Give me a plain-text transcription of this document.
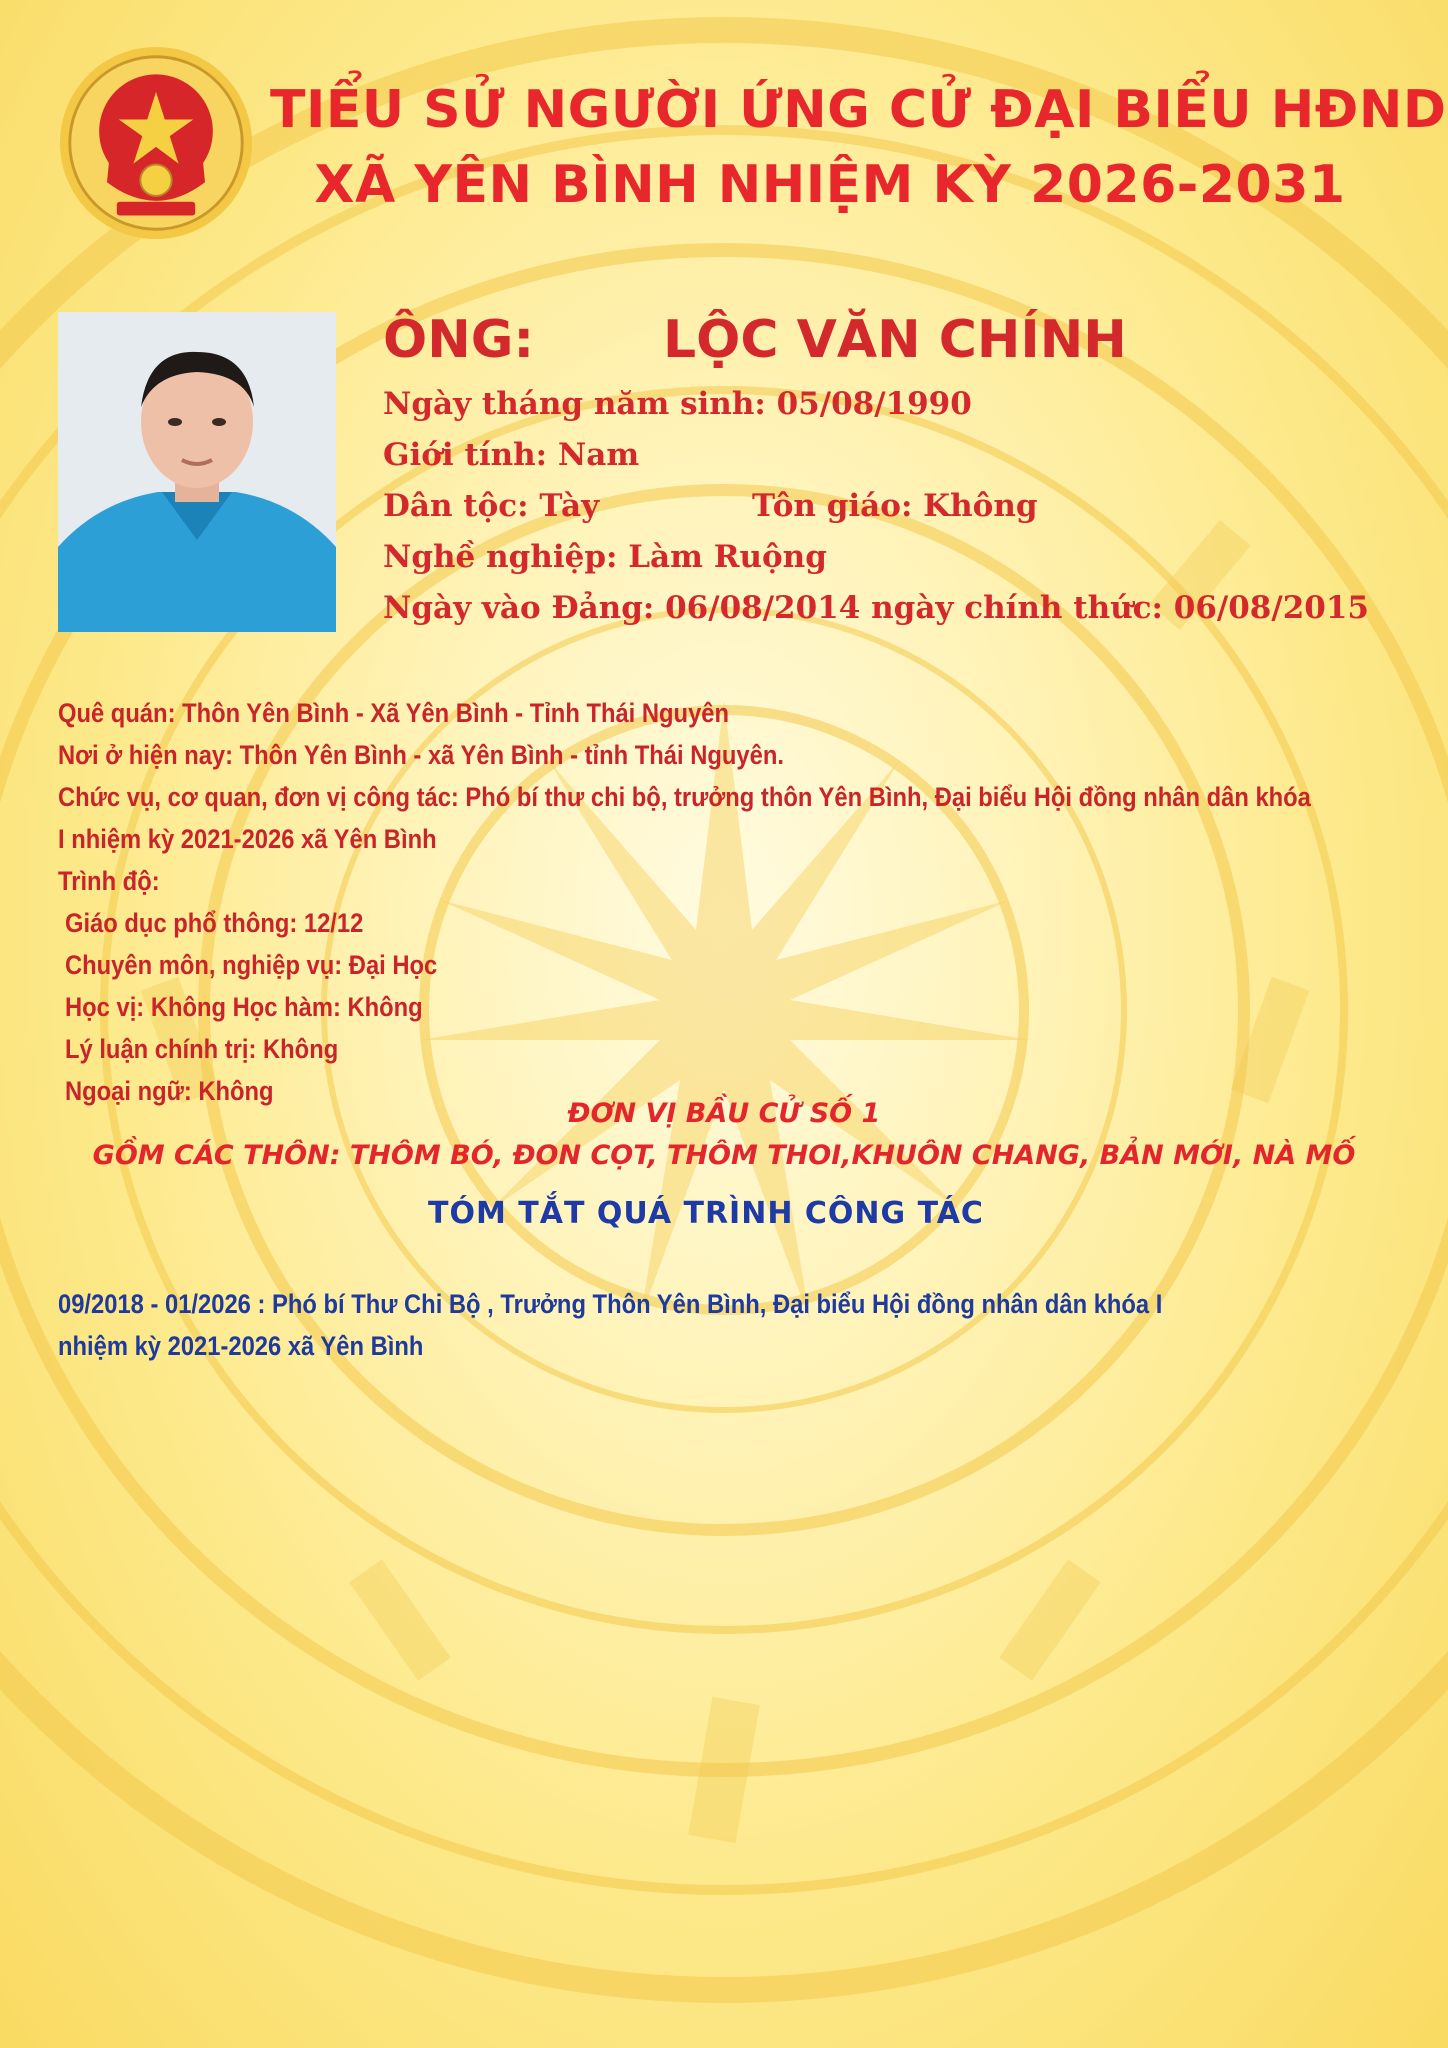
TIỂU SỬ NGƯỜI ỨNG CỬ ĐẠI BIỂU HĐND
XÃ YÊN BÌNH NHIỆM KỲ 2026-2031
ÔNG: LỘC VĂN CHÍNH

Ngày tháng năm sinh: 05/08/1990

Giới tính: Nam

Dân tộc: Tày	Tôn giáo: Không

Nghề nghiệp: Làm Ruộng

Ngày vào Đảng: 06/08/2014 ngày chính thức: 06/08/2015

Quê quán: Thôn Yên Bình - Xã Yên Bình - Tỉnh Thái Nguyên

Nơi ở hiện nay: Thôn Yên Bình - xã Yên Bình - tỉnh Thái Nguyên.

Chức vụ, cơ quan, đơn vị công tác: Phó bí thư chi bộ, trưởng thôn Yên Bình, Đại biểu Hội đồng nhân dân khóa

I nhiệm kỳ 2021-2026 xã Yên Bình

Trình độ:

Giáo dục phổ thông: 12/12

Chuyên môn, nghiệp vụ: Đại Học

Học vị: Không Học hàm: Không

Lý luận chính trị: Không

Ngoại ngữ: Không

ĐƠN VỊ BẦU CỬ SỐ 1

GỒM CÁC THÔN: THÔM BÓ, ĐON CỌT, THÔM THOI,KHUÔN CHANG, BẢN MỚI, NÀ MỐ

TÓM TẮT QUÁ TRÌNH CÔNG TÁC

09/2018 - 01/2026 : Phó bí Thư Chi Bộ , Trưởng Thôn Yên Bình, Đại biểu Hội đồng nhân dân khóa I

nhiệm kỳ 2021-2026 xã Yên Bình
